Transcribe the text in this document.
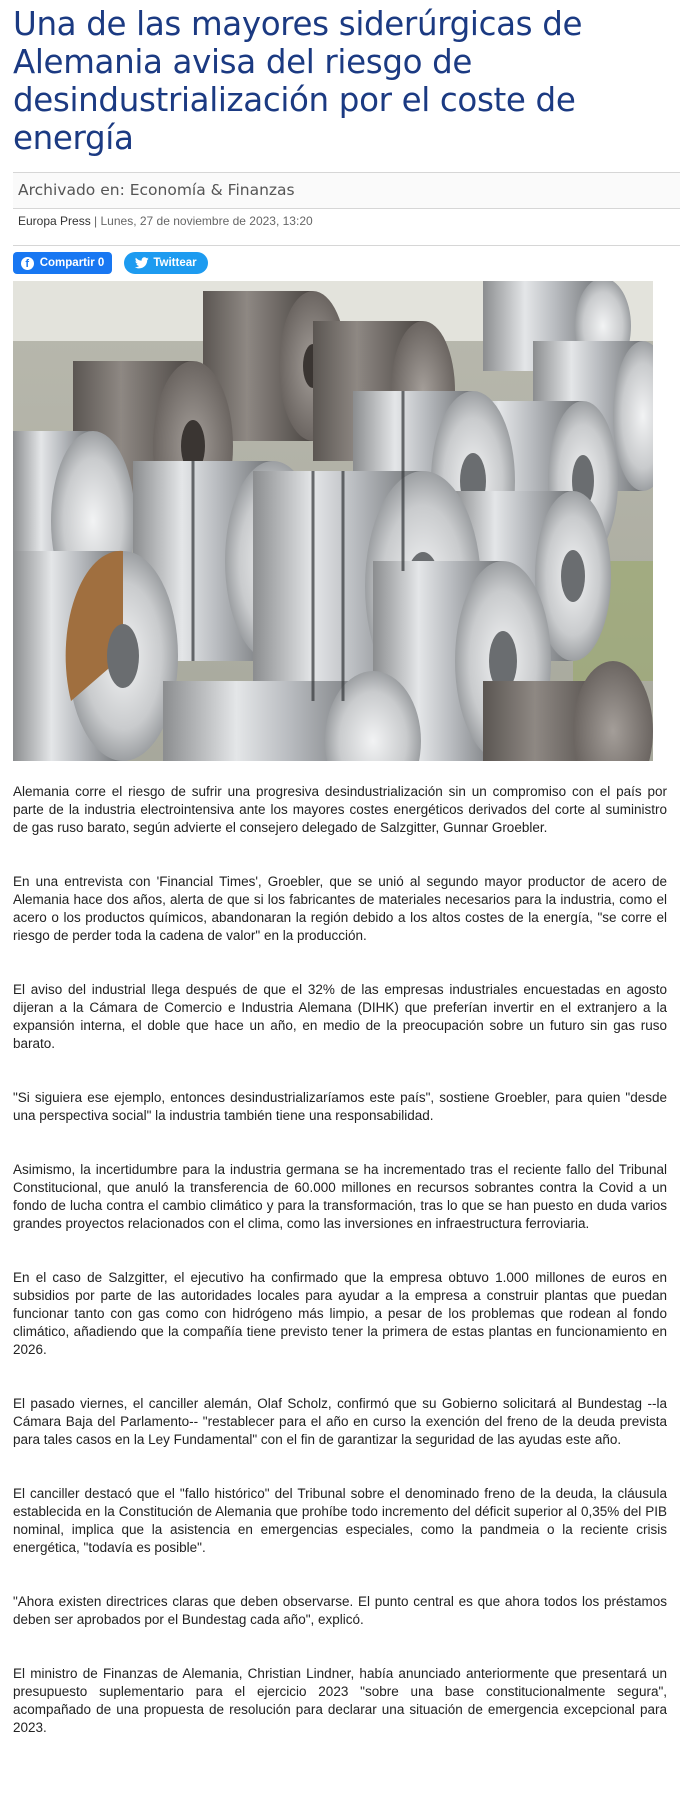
Una de las mayores siderúrgicas de Alemania avisa del riesgo de desindustrialización por el coste de energía
Archivado en: Economía & Finanzas
Europa Press | Lunes, 27 de noviembre de 2023, 13:20
f Compartir 0	Twittear

Alemania corre el riesgo de sufrir una progresiva desindustrialización sin un compromiso con el país por parte de la industria electrointensiva ante los mayores costes energéticos derivados del corte al suministro de gas ruso barato, según advierte el consejero delegado de Salzgitter, Gunnar Groebler.

En una entrevista con 'Financial Times', Groebler, que se unió al segundo mayor productor de acero de Alemania hace dos años, alerta de que si los fabricantes de materiales necesarios para la industria, como el acero o los productos químicos, abandonaran la región debido a los altos costes de la energía, "se corre el riesgo de perder toda la cadena de valor" en la producción.

El aviso del industrial llega después de que el 32% de las empresas industriales encuestadas en agosto dijeran a la Cámara de Comercio e Industria Alemana (DIHK) que preferían invertir en el extranjero a la expansión interna, el doble que hace un año, en medio de la preocupación sobre un futuro sin gas ruso barato.

"Si siguiera ese ejemplo, entonces desindustrializaríamos este país", sostiene Groebler, para quien "desde una perspectiva social" la industria también tiene una responsabilidad.

Asimismo, la incertidumbre para la industria germana se ha incrementado tras el reciente fallo del Tribunal Constitucional, que anuló la transferencia de 60.000 millones en recursos sobrantes contra la Covid a un fondo de lucha contra el cambio climático y para la transformación, tras lo que se han puesto en duda varios grandes proyectos relacionados con el clima, como las inversiones en infraestructura ferroviaria.

En el caso de Salzgitter, el ejecutivo ha confirmado que la empresa obtuvo 1.000 millones de euros en subsidios por parte de las autoridades locales para ayudar a la empresa a construir plantas que puedan funcionar tanto con gas como con hidrógeno más limpio, a pesar de los problemas que rodean al fondo climático, añadiendo que la compañía tiene previsto tener la primera de estas plantas en funcionamiento en 2026.

El pasado viernes, el canciller alemán, Olaf Scholz, confirmó que su Gobierno solicitará al Bundestag --la Cámara Baja del Parlamento-- "restablecer para el año en curso la exención del freno de la deuda prevista para tales casos en la Ley Fundamental" con el fin de garantizar la seguridad de las ayudas este año.

El canciller destacó que el "fallo histórico" del Tribunal sobre el denominado freno de la deuda, la cláusula establecida en la Constitución de Alemania que prohíbe todo incremento del déficit superior al 0,35% del PIB nominal, implica que la asistencia en emergencias especiales, como la pandmeia o la reciente crisis energética, "todavía es posible".

"Ahora existen directrices claras que deben observarse. El punto central es que ahora todos los préstamos deben ser aprobados por el Bundestag cada año", explicó.

El ministro de Finanzas de Alemania, Christian Lindner, había anunciado anteriormente que presentará un presupuesto suplementario para el ejercicio 2023 "sobre una base constitucionalmente segura", acompañado de una propuesta de resolución para declarar una situación de emergencia excepcional para 2023.
